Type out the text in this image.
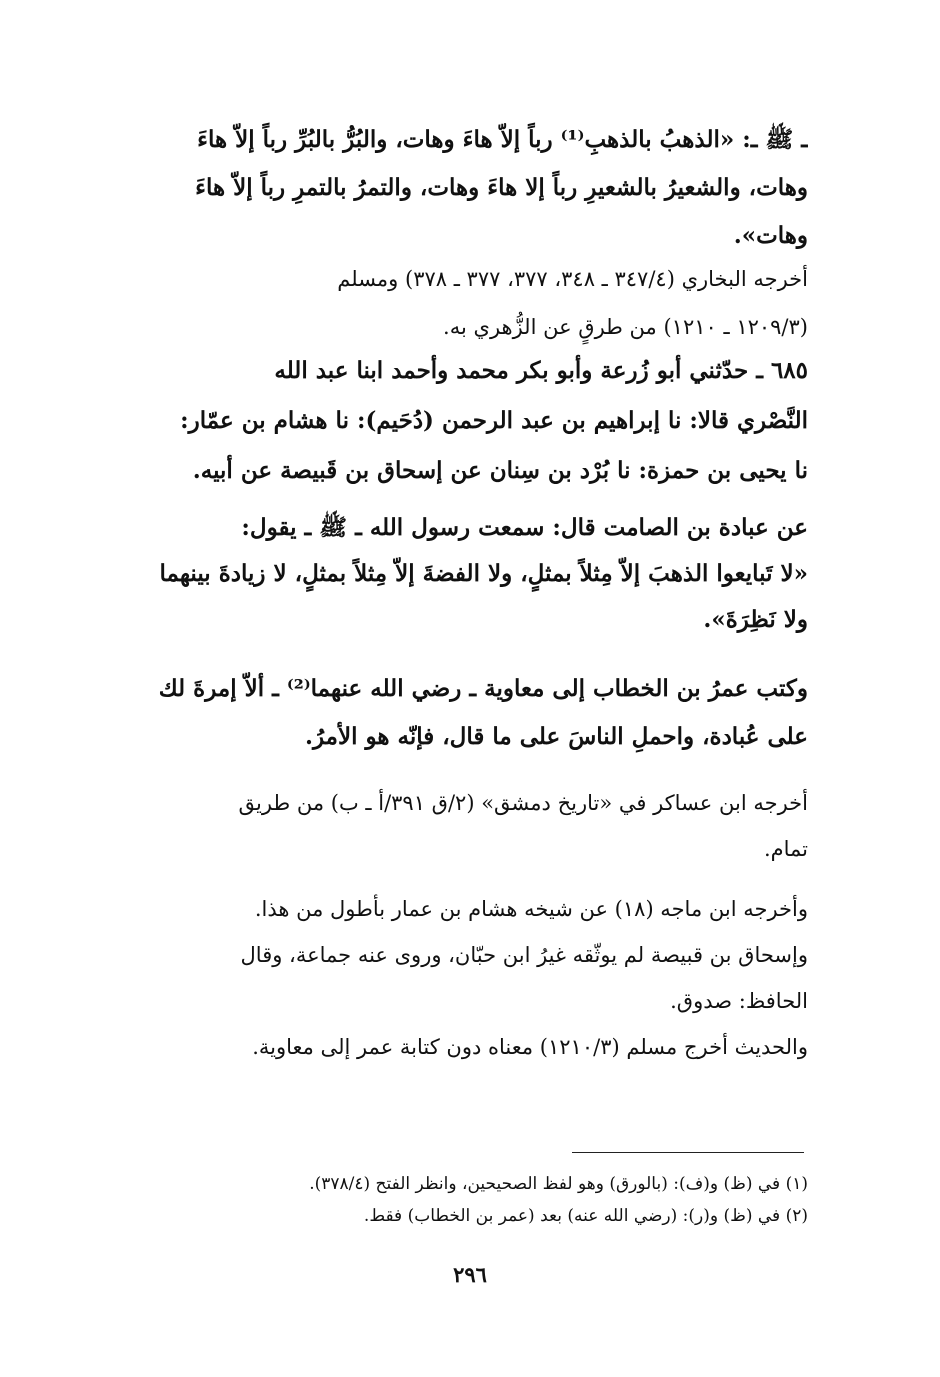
ـ ﷺ ـ: «الذهبُ بالذهبِ⁽¹⁾ رباً إلاّ هاءَ وهات، والبُرُّ بالبُرِّ رباً إلاّ هاءَ
وهات، والشعيرُ بالشعيرِ رباً إلا هاءَ وهات، والتمرُ بالتمرِ رباً إلاّ هاءَ
وهات».
أخرجه البخاري (٣٤٧/٤ ـ ٣٤٨، ٣٧٧، ٣٧٧ ـ ٣٧٨) ومسلم
(١٢٠٩/٣ ـ ١٢١٠) من طرقٍ عن الزُّهري به.
٦٨٥ ـ حدّثني أبو زُرعة وأبو بكر محمد وأحمد ابنا عبد الله
النَّصْري قالا: نا إبراهيم بن عبد الرحمن (دُحَيم): نا هشام بن عمّار:
نا يحيى بن حمزة: نا بُرْد بن سِنان عن إسحاق بن قَبيصة عن أبيه.
عن عبادة بن الصامت قال: سمعت رسول الله ـ ﷺ ـ يقول:
«لا تَبايعوا الذهبَ إلاّ مِثلاً بمثلٍ، ولا الفضةَ إلاّ مِثلاً بمثلٍ، لا زيادةَ بينهما
ولا نَظِرَةَ».
وكتب عمرُ بن الخطاب إلى معاوية ـ رضي الله عنهما⁽²⁾ ـ ألاّ إمرةَ لك
على عُبادة، واحملِ الناسَ على ما قال، فإنّه هو الأمرُ.
أخرجه ابن عساكر في «تاريخ دمشق» (٢/ق ٣٩١/أ ـ ب) من طريق
تمام.
وأخرجه ابن ماجه (١٨) عن شيخه هشام بن عمار بأطول من هذا.
وإسحاق بن قبيصة لم يوثّقه غيرُ ابن حبّان، وروى عنه جماعة، وقال
الحافظ: صدوق.
والحديث أخرج مسلم (١٢١٠/٣) معناه دون كتابة عمر إلى معاوية.
(١) في (ظ) و(ف): (بالورق) وهو لفظ الصحيحين، وانظر الفتح (٣٧٨/٤).
(٢) في (ظ) و(ر): (رضي الله عنه) بعد (عمر بن الخطاب) فقط.
٢٩٦
